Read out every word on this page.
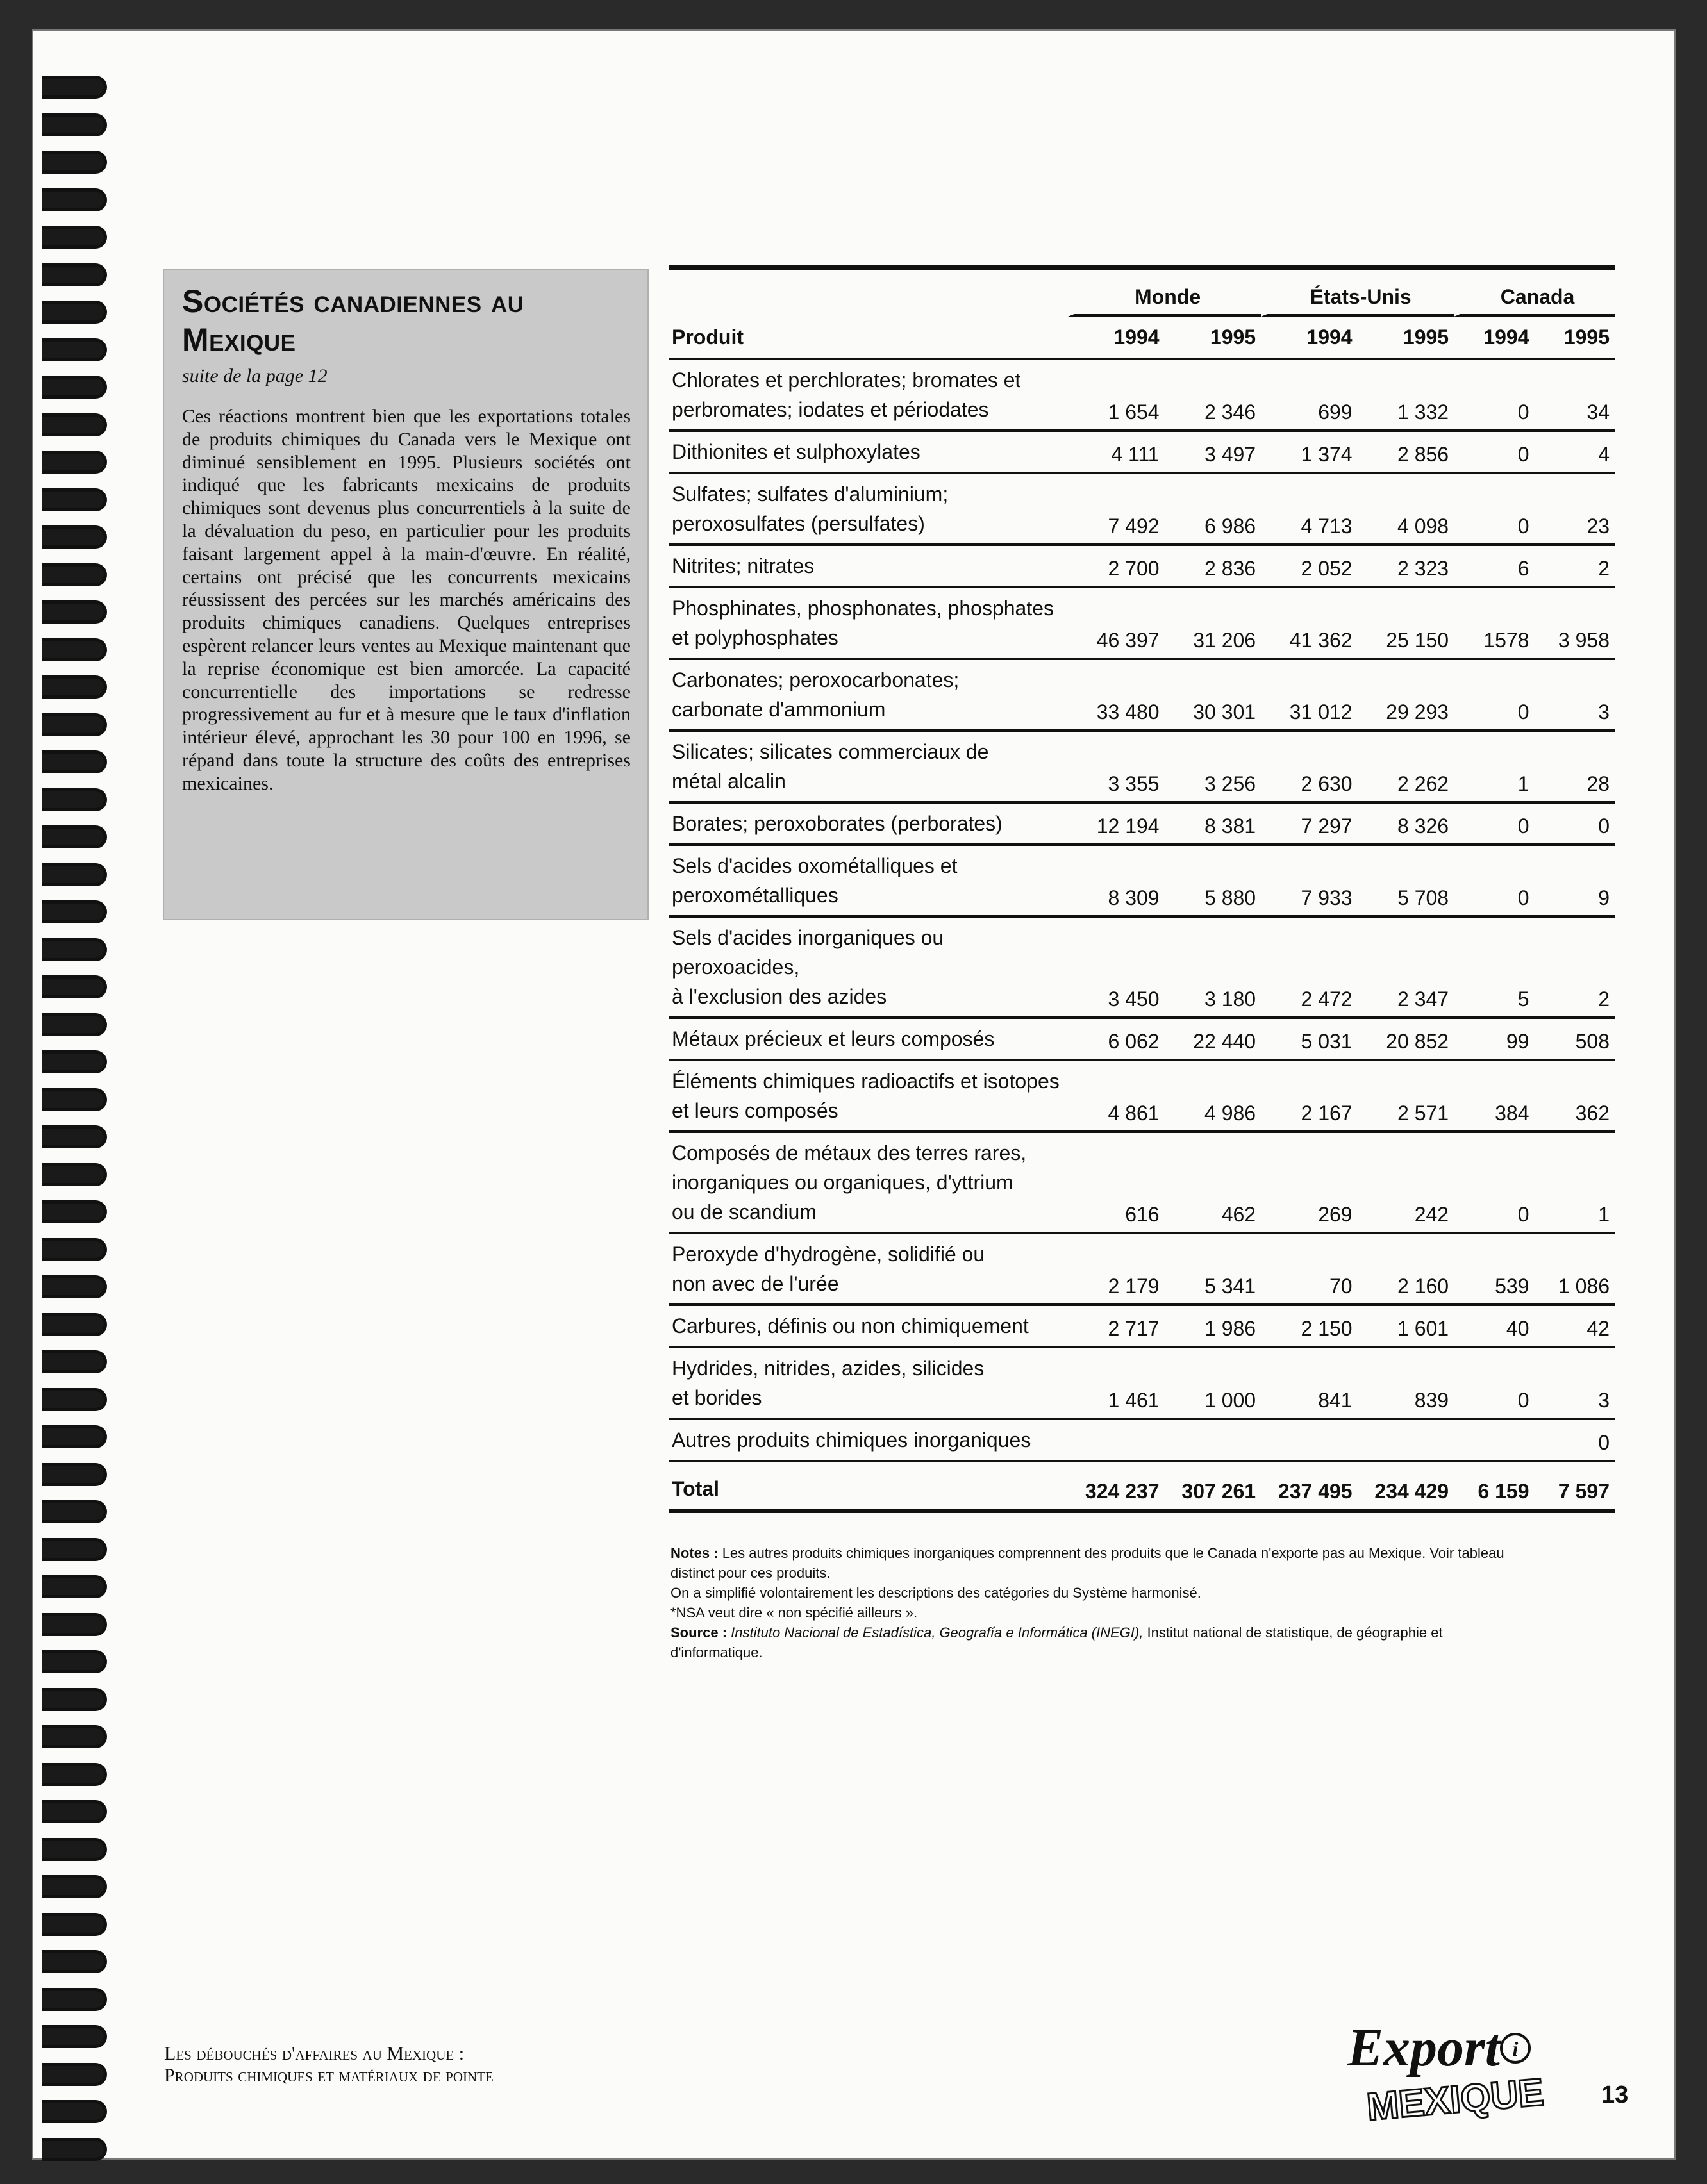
Sociétés canadiennes au Mexique
suite de la page 12

Ces réactions montrent bien que les exportations totales de produits chimiques du Canada vers le Mexique ont diminué sensiblement en 1995. Plusieurs sociétés ont indiqué que les fabricants mexicains de produits chimiques sont devenus plus concurrentiels à la suite de la dévaluation du peso, en particulier pour les produits faisant largement appel à la main-d'œuvre. En réalité, certains ont précisé que les concurrents mexicains réussissent des percées sur les marchés américains des produits chimiques canadiens. Quelques entreprises espèrent relancer leurs ventes au Mexique maintenant que la reprise économique est bien amorcée. La capacité concurrentielle des importations se redresse progressivement au fur et à mesure que le taux d'inflation intérieur élevé, approchant les 30 pour 100 en 1996, se répand dans toute la structure des coûts des entreprises mexicaines.

	Monde		États-Unis		Canada	
Produit	1994	1995	1994	1995	1994	1995
Chlorates et perchlorates; bromates et
perbromates; iodates et périodates	1 654	2 346	699	1 332	0	34
Dithionites et sulphoxylates	4 111	3 497	1 374	2 856	0	4
Sulfates; sulfates d'aluminium;
peroxosulfates (persulfates)	7 492	6 986	4 713	4 098	0	23
Nitrites; nitrates	2 700	2 836	2 052	2 323	6	2
Phosphinates, phosphonates, phosphates
et polyphosphates	46 397	31 206	41 362	25 150	1578	3 958
Carbonates; peroxocarbonates;
carbonate d'ammonium	33 480	30 301	31 012	29 293	0	3
Silicates; silicates commerciaux de
métal alcalin	3 355	3 256	2 630	2 262	1	28
Borates; peroxoborates (perborates)	12 194	8 381	7 297	8 326	0	0
Sels d'acides oxométalliques et
peroxométalliques	8 309	5 880	7 933	5 708	0	9
Sels d'acides inorganiques ou peroxoacides,
à l'exclusion des azides	3 450	3 180	2 472	2 347	5	2
Métaux précieux et leurs composés	6 062	22 440	5 031	20 852	99	508
Éléments chimiques radioactifs et isotopes
et leurs composés	4 861	4 986	2 167	2 571	384	362
Composés de métaux des terres rares,
inorganiques ou organiques, d'yttrium
ou de scandium	616	462	269	242	0	1
Peroxyde d'hydrogène, solidifié ou
non avec de l'urée	2 179	5 341	70	2 160	539	1 086
Carbures, définis ou non chimiquement	2 717	1 986	2 150	1 601	40	42
Hydrides, nitrides, azides, silicides
et borides	1 461	1 000	841	839	0	3
Autres produits chimiques inorganiques						0
Total	324 237	307 261	237 495	234 429	6 159	7 597
Notes : Les autres produits chimiques inorganiques comprennent des produits que le Canada n'exporte pas au Mexique. Voir tableau
distinct pour ces produits.
On a simplifié volontairement les descriptions des catégories du Système harmonisé.
*NSA veut dire « non spécifié ailleurs ».
Source : Instituto Nacional de Estadística, Geografía e Informática (INEGI), Institut national de statistique, de géographie et
d'informatique.
Les débouchés d'affaires au Mexique :
Produits chimiques et matériaux de pointe	Export i
MEXIQUE 13
